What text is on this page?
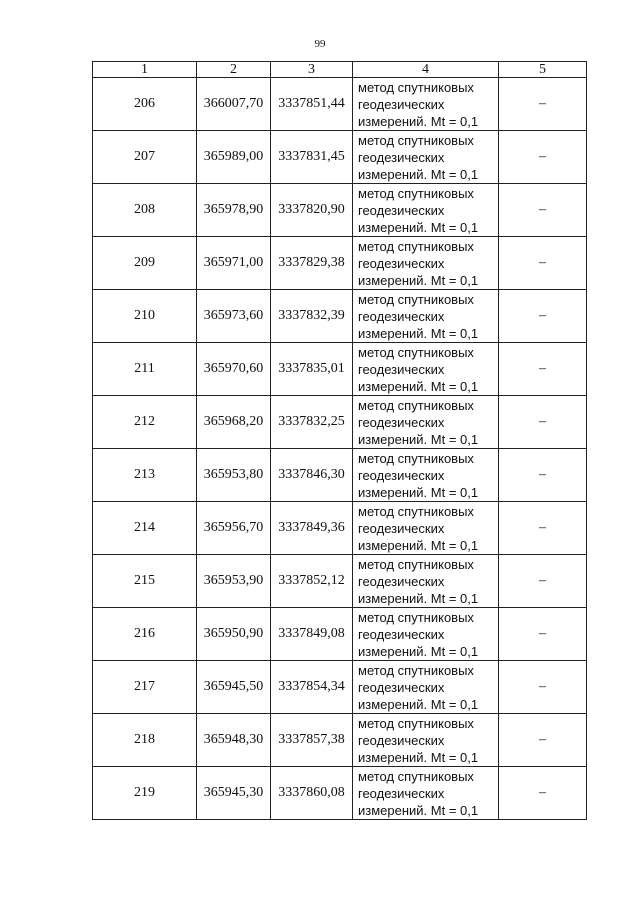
99
1	2	3	4	5
206	366007,70	3337851,44	метод спутниковых
геодезических
измерений. Mt = 0,1	–
207	365989,00	3337831,45	метод спутниковых
геодезических
измерений. Mt = 0,1	–
208	365978,90	3337820,90	метод спутниковых
геодезических
измерений. Mt = 0,1	–
209	365971,00	3337829,38	метод спутниковых
геодезических
измерений. Mt = 0,1	–
210	365973,60	3337832,39	метод спутниковых
геодезических
измерений. Mt = 0,1	–
211	365970,60	3337835,01	метод спутниковых
геодезических
измерений. Mt = 0,1	–
212	365968,20	3337832,25	метод спутниковых
геодезических
измерений. Mt = 0,1	–
213	365953,80	3337846,30	метод спутниковых
геодезических
измерений. Mt = 0,1	–
214	365956,70	3337849,36	метод спутниковых
геодезических
измерений. Mt = 0,1	–
215	365953,90	3337852,12	метод спутниковых
геодезических
измерений. Mt = 0,1	–
216	365950,90	3337849,08	метод спутниковых
геодезических
измерений. Mt = 0,1	–
217	365945,50	3337854,34	метод спутниковых
геодезических
измерений. Mt = 0,1	–
218	365948,30	3337857,38	метод спутниковых
геодезических
измерений. Mt = 0,1	–
219	365945,30	3337860,08	метод спутниковых
геодезических
измерений. Mt = 0,1	–
